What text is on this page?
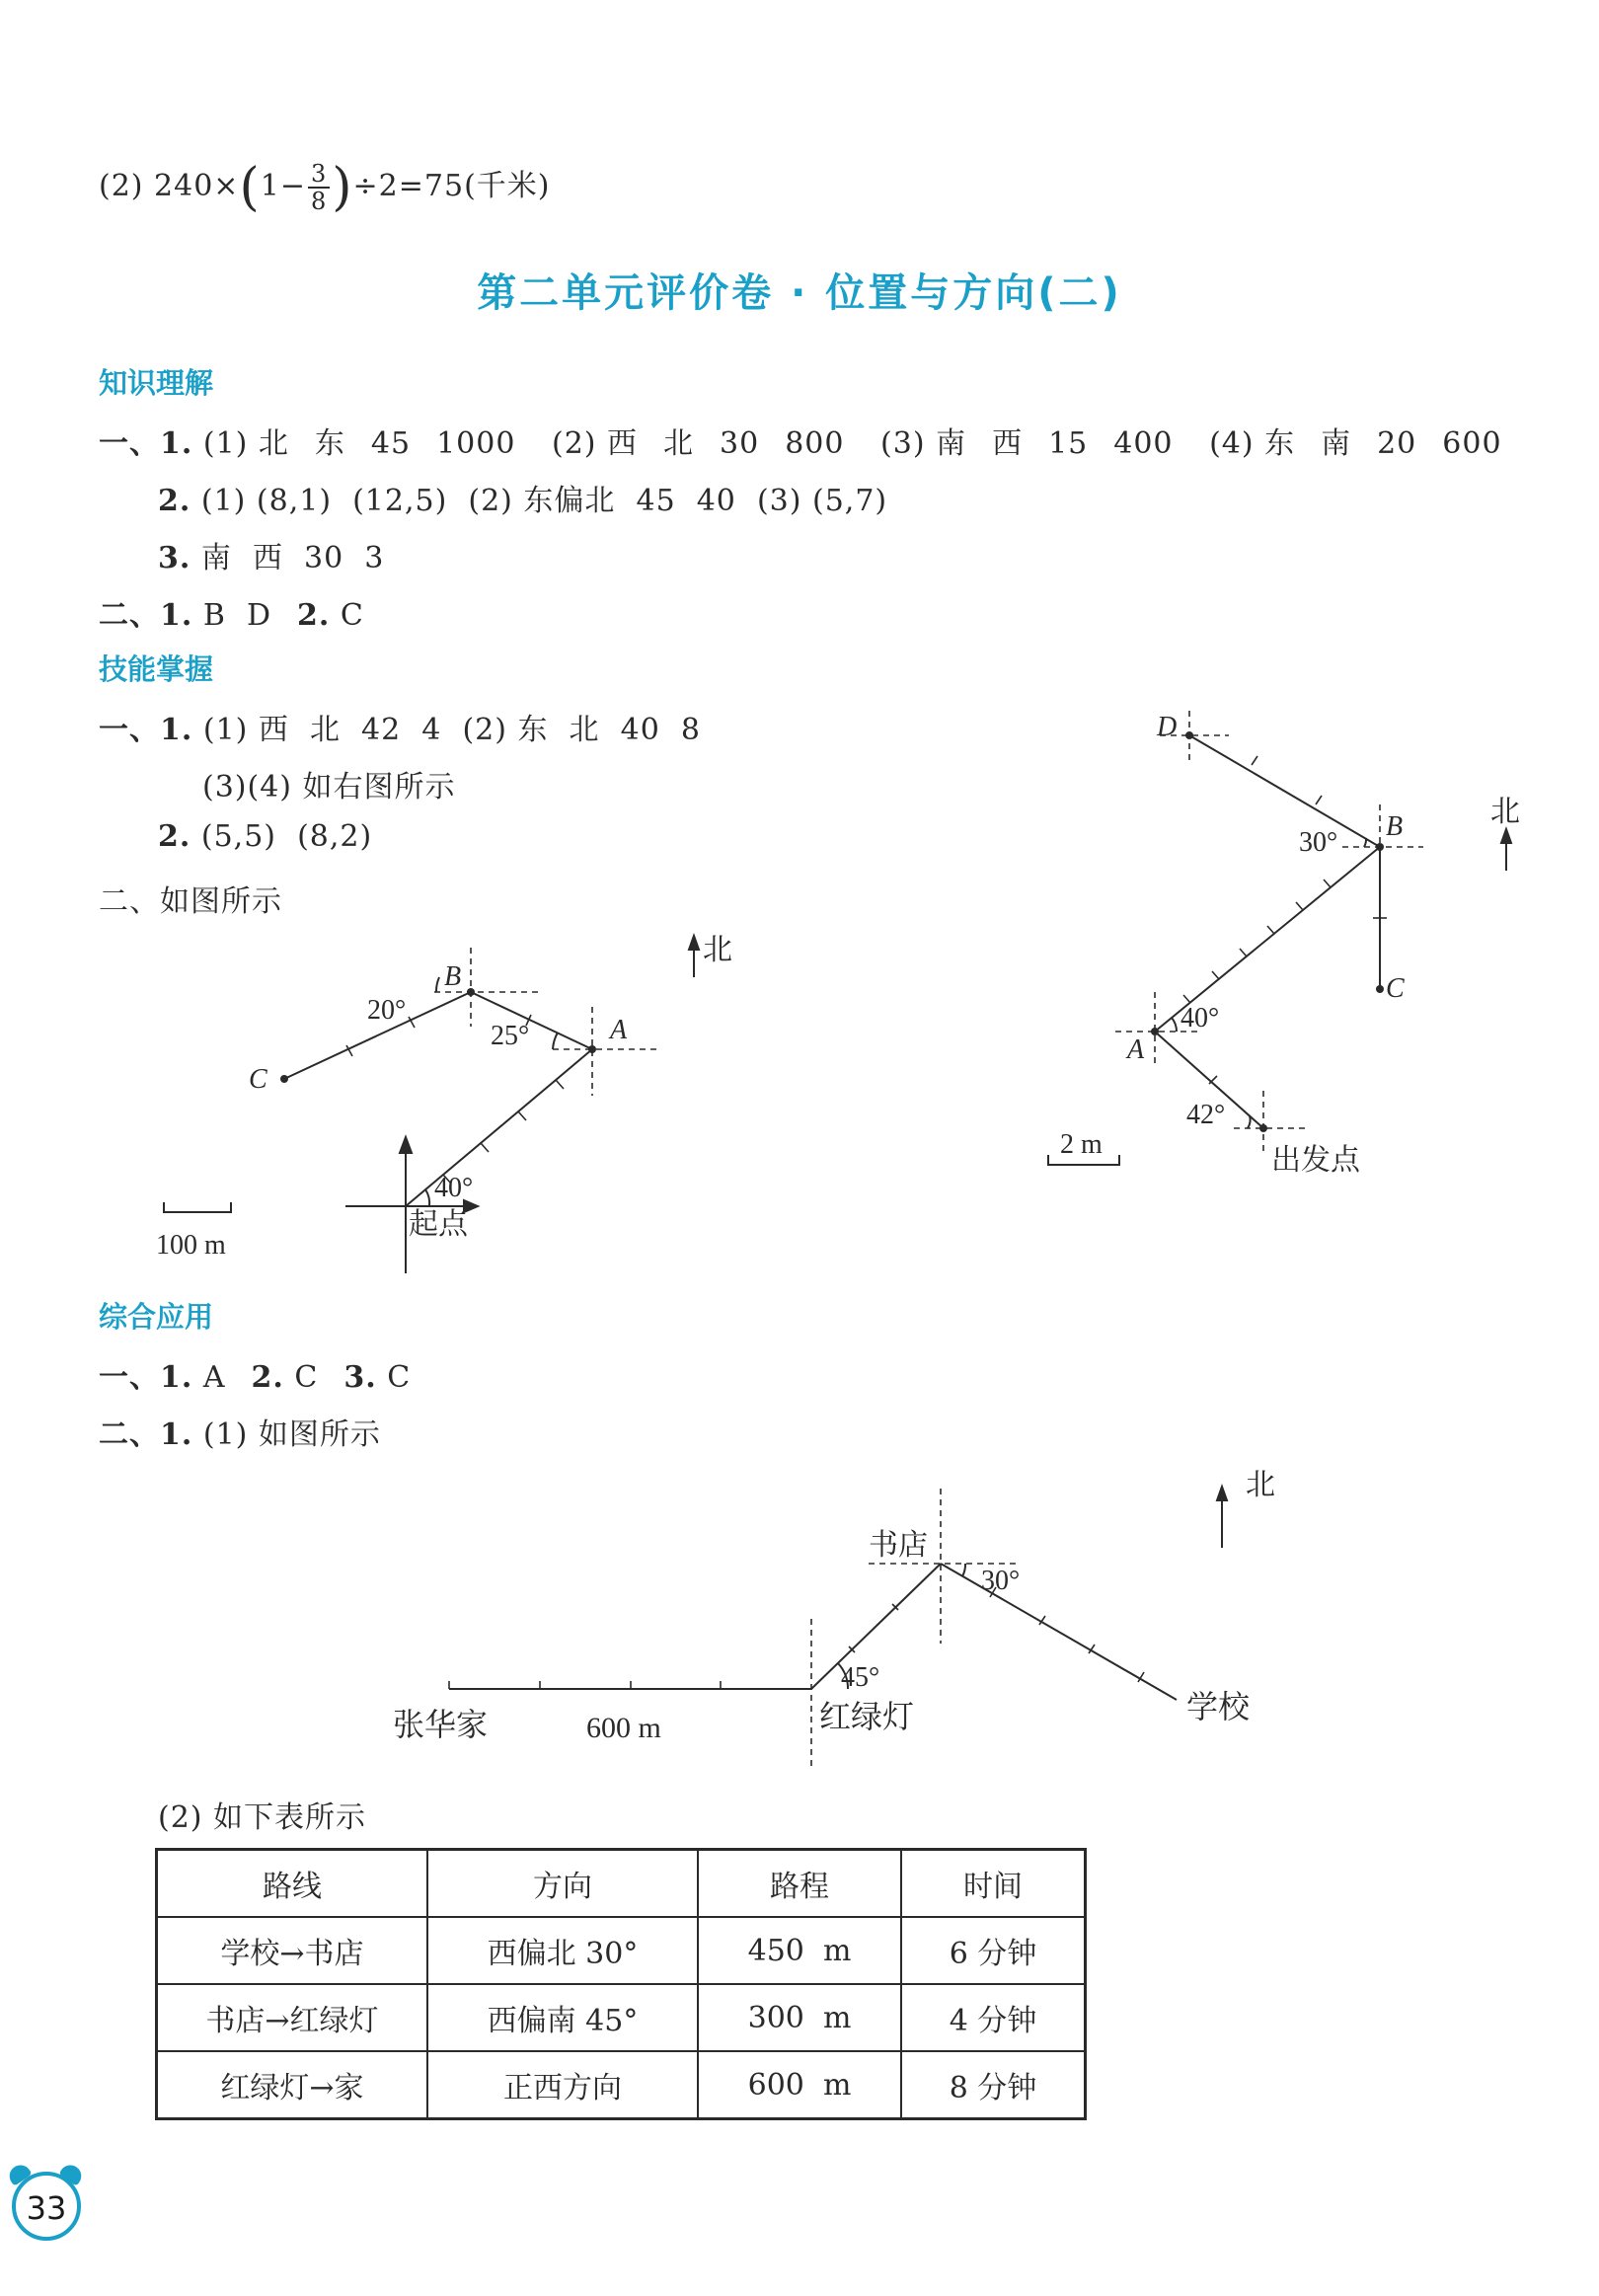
(2) $240\times(1- \frac{3}{8} )\div 2=75$(千米)
第二单元评价卷 · 位置与方向(二)
知识理解
一、1. (1) 北 东 45 1000 (2) 西 北 30 800 (3) 南 西 15 400 (4) 东 南 20 600
2. (1) (8,1)  (12,5)  (2) 东偏北  45  40  (3) (5,7)
3. 南  西  30  3
二、1. B  D 2. C
技能掌握
一、1. (1) 西  北  42  4  (2) 东  北  40  8
(3)(4) 如右图所示
2. (5,5)  (8,2)
二、如图所示
北
B
A
C
20°
25°
40°
起点
100 m
北
D
B
C
A
30°
40°
42°
出发点
2 m
综合应用
一、1. A 2. C 3. C
二、1. (1) 如图所示
北
书店
30°
45°
张华家	600 m	红绿灯	学校
(2) 如下表所示
路线	方向	路程	时间
学校→书店	西偏北 30°	450  m	6 分钟
书店→红绿灯	西偏南 45°	300  m	4 分钟
红绿灯→家	正西方向	600  m	8 分钟
33
